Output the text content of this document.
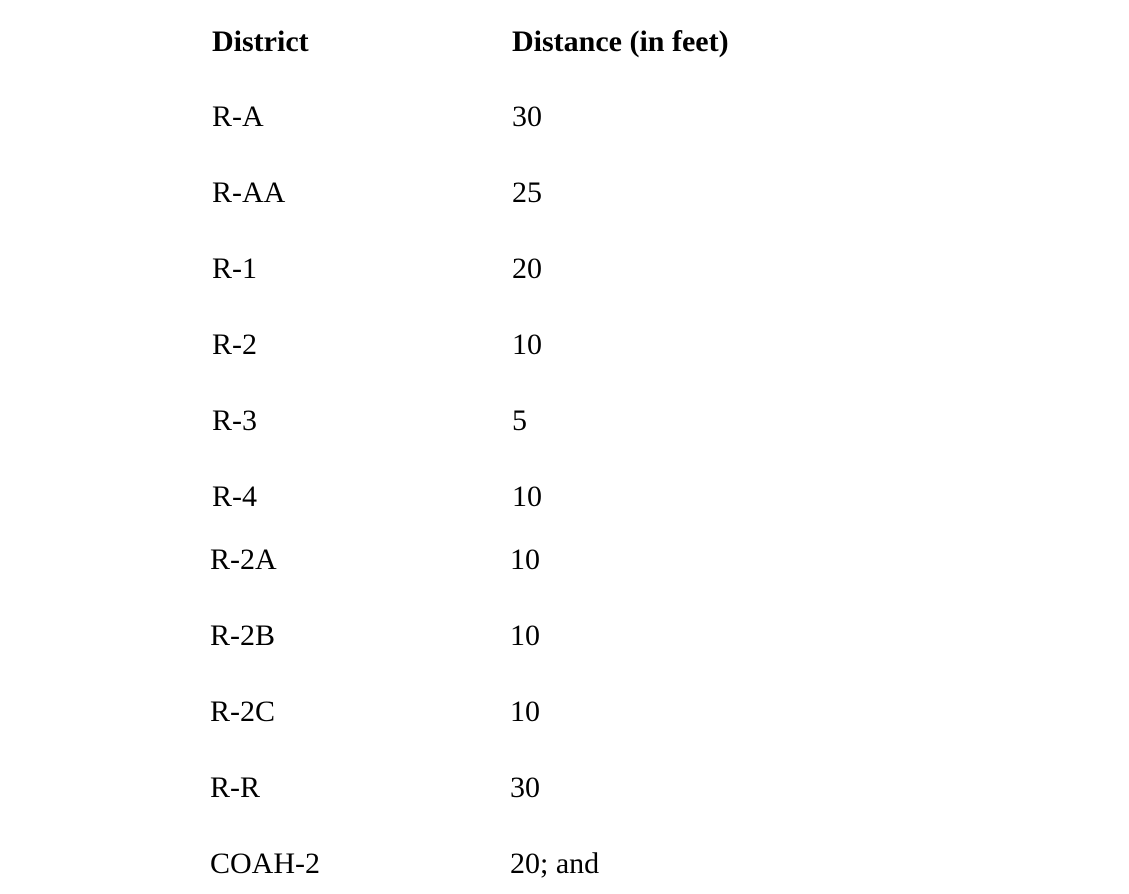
District	Distance (in feet)
R-A	30
R-AA	25
R-1	20
R-2	10
R-3	5
R-4	10
R-2A	10
R-2B	10
R-2C	10
R-R	30
COAH-2	20; and
